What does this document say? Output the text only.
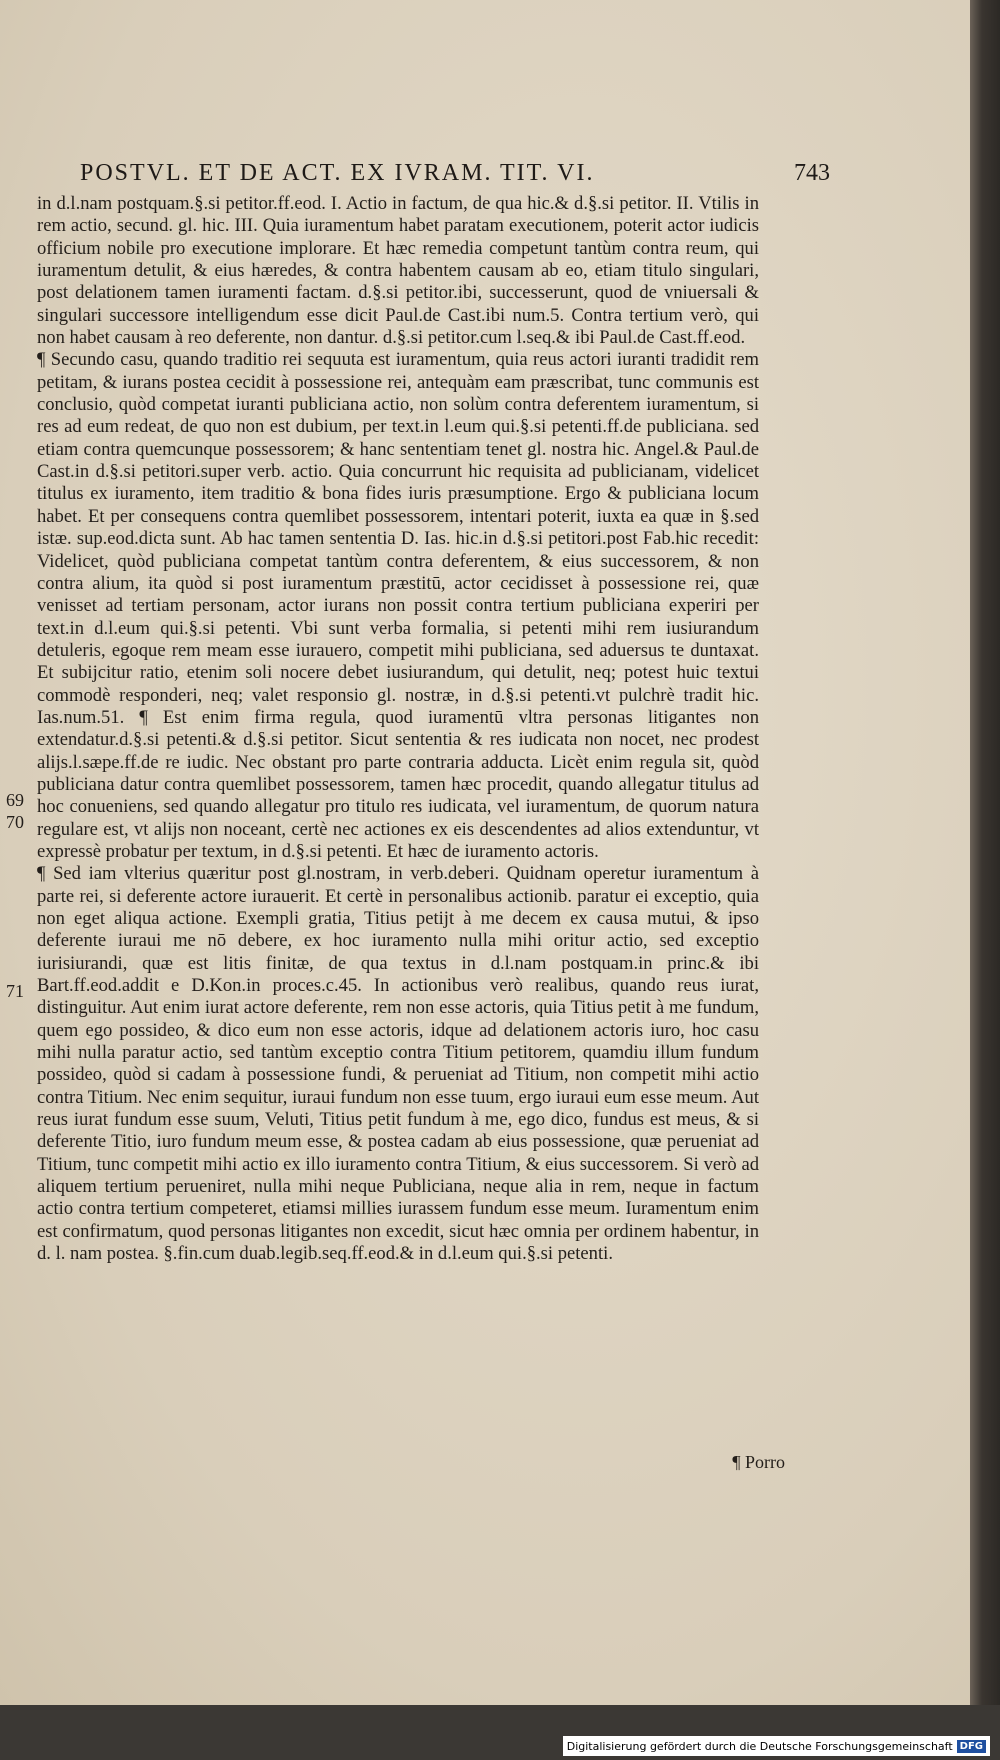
POSTVL. ET DE ACT. EX IVRAM. TIT. VI.	743

in d.l.nam postquam.§.si petitor.ff.eod. I. Actio in factum, de qua hic.& d.§.si petitor. II. Vtilis in rem actio, secund. gl. hic. III. Quia iuramentum habet paratam executionem, poterit actor iudicis officium nobile pro executione implorare. Et hæc remedia competunt tantùm contra reum, qui iuramentum detulit, & eius hæredes, & contra habentem causam ab eo, etiam titulo singulari, post delationem tamen iuramenti factam. d.§.si petitor.ibi, successerunt, quod de vniuersali & singulari successore intelligendum esse dicit Paul.de Cast.ibi num.5. Contra tertium verò, qui non habet causam à reo deferente, non dantur. d.§.si petitor.cum l.seq.& ibi Paul.de Cast.ff.eod.

¶ Secundo casu, quando traditio rei sequuta est iuramentum, quia reus actori iuranti tradidit rem petitam, & iurans postea cecidit à possessione rei, antequàm eam præscribat, tunc communis est conclusio, quòd competat iuranti publiciana actio, non solùm contra deferentem iuramentum, si res ad eum redeat, de quo non est dubium, per text.in l.eum qui.§.si petenti.ff.de publiciana. sed etiam contra quemcunque possessorem; & hanc sententiam tenet gl. nostra hic. Angel.& Paul.de Cast.in d.§.si petitori.super verb. actio. Quia concurrunt hic requisita ad publicianam, videlicet titulus ex iuramento, item traditio & bona fides iuris præsumptione. Ergo & publiciana locum habet. Et per consequens contra quemlibet possessorem, intentari poterit, iuxta ea quæ in §.sed istæ. sup.eod.dicta sunt. Ab hac tamen sententia D. Ias. hic.in d.§.si petitori.post Fab.hic recedit: Videlicet, quòd publiciana competat tantùm contra deferentem, & eius successorem, & non contra alium, ita quòd si post iuramentum præstitū, actor cecidisset à possessione rei, quæ venisset ad tertiam personam, actor iurans non possit contra tertium publiciana experiri per text.in d.l.eum qui.§.si petenti. Vbi sunt verba formalia, si petenti mihi rem iusiurandum detuleris, egoque rem meam esse iurauero, competit mihi publiciana, sed aduersus te duntaxat. Et subijcitur ratio, etenim soli nocere debet iusiurandum, qui detulit, neq; potest huic textui commodè responderi, neq; valet responsio gl. nostræ, in d.§.si petenti.vt pulchrè tradit hic. Ias.num.51. ¶ Est enim firma regula, quod iuramentū vltra personas litigantes non extendatur.d.§.si petenti.& d.§.si petitor. Sicut sententia & res iudicata non nocet, nec prodest alijs.l.sæpe.ff.de re iudic. Nec obstant pro parte contraria adducta. Licèt enim regula sit, quòd publiciana datur contra quemlibet possessorem, tamen hæc procedit, quando allegatur titulus ad hoc conueniens, sed quando allegatur pro titulo res iudicata, vel iuramentum, de quorum natura regulare est, vt alijs non noceant, certè nec actiones ex eis descendentes ad alios extenduntur, vt expressè probatur per textum, in d.§.si petenti. Et hæc de iuramento actoris.

¶ Sed iam vlterius quæritur post gl.nostram, in verb.deberi. Quidnam operetur iuramentum à parte rei, si deferente actore iurauerit. Et certè in personalibus actionib. paratur ei exceptio, quia non eget aliqua actione. Exempli gratia, Titius petijt à me decem ex causa mutui, & ipso deferente iuraui me nō debere, ex hoc iuramento nulla mihi oritur actio, sed exceptio iurisiurandi, quæ est litis finitæ, de qua textus in d.l.nam postquam.in princ.& ibi Bart.ff.eod.addit e D.Kon.in proces.c.45. In actionibus verò realibus, quando reus iurat, distinguitur. Aut enim iurat actore deferente, rem non esse actoris, quia Titius petit à me fundum, quem ego possideo, & dico eum non esse actoris, idque ad delationem actoris iuro, hoc casu mihi nulla paratur actio, sed tantùm exceptio contra Titium petitorem, quamdiu illum fundum possideo, quòd si cadam à possessione fundi, & perueniat ad Titium, non competit mihi actio contra Titium. Nec enim sequitur, iuraui fundum non esse tuum, ergo iuraui eum esse meum. Aut reus iurat fundum esse suum, Veluti, Titius petit fundum à me, ego dico, fundus est meus, & si deferente Titio, iuro fundum meum esse, & postea cadam ab eius possessione, quæ perueniat ad Titium, tunc competit mihi actio ex illo iuramento contra Titium, & eius successorem. Si verò ad aliquem tertium perueniret, nulla mihi neque Publiciana, neque alia in rem, neque in factum actio contra tertium competeret, etiamsi millies iurassem fundum esse meum. Iuramentum enim est confirmatum, quod personas litigantes non excedit, sicut hæc omnia per ordinem habentur, in d. l. nam postea. §.fin.cum duab.legib.seq.ff.eod.& in d.l.eum qui.§.si petenti.

69
70
71
¶ Porro
Digitalisierung gefördert durch die Deutsche Forschungsgemeinschaft DFG
